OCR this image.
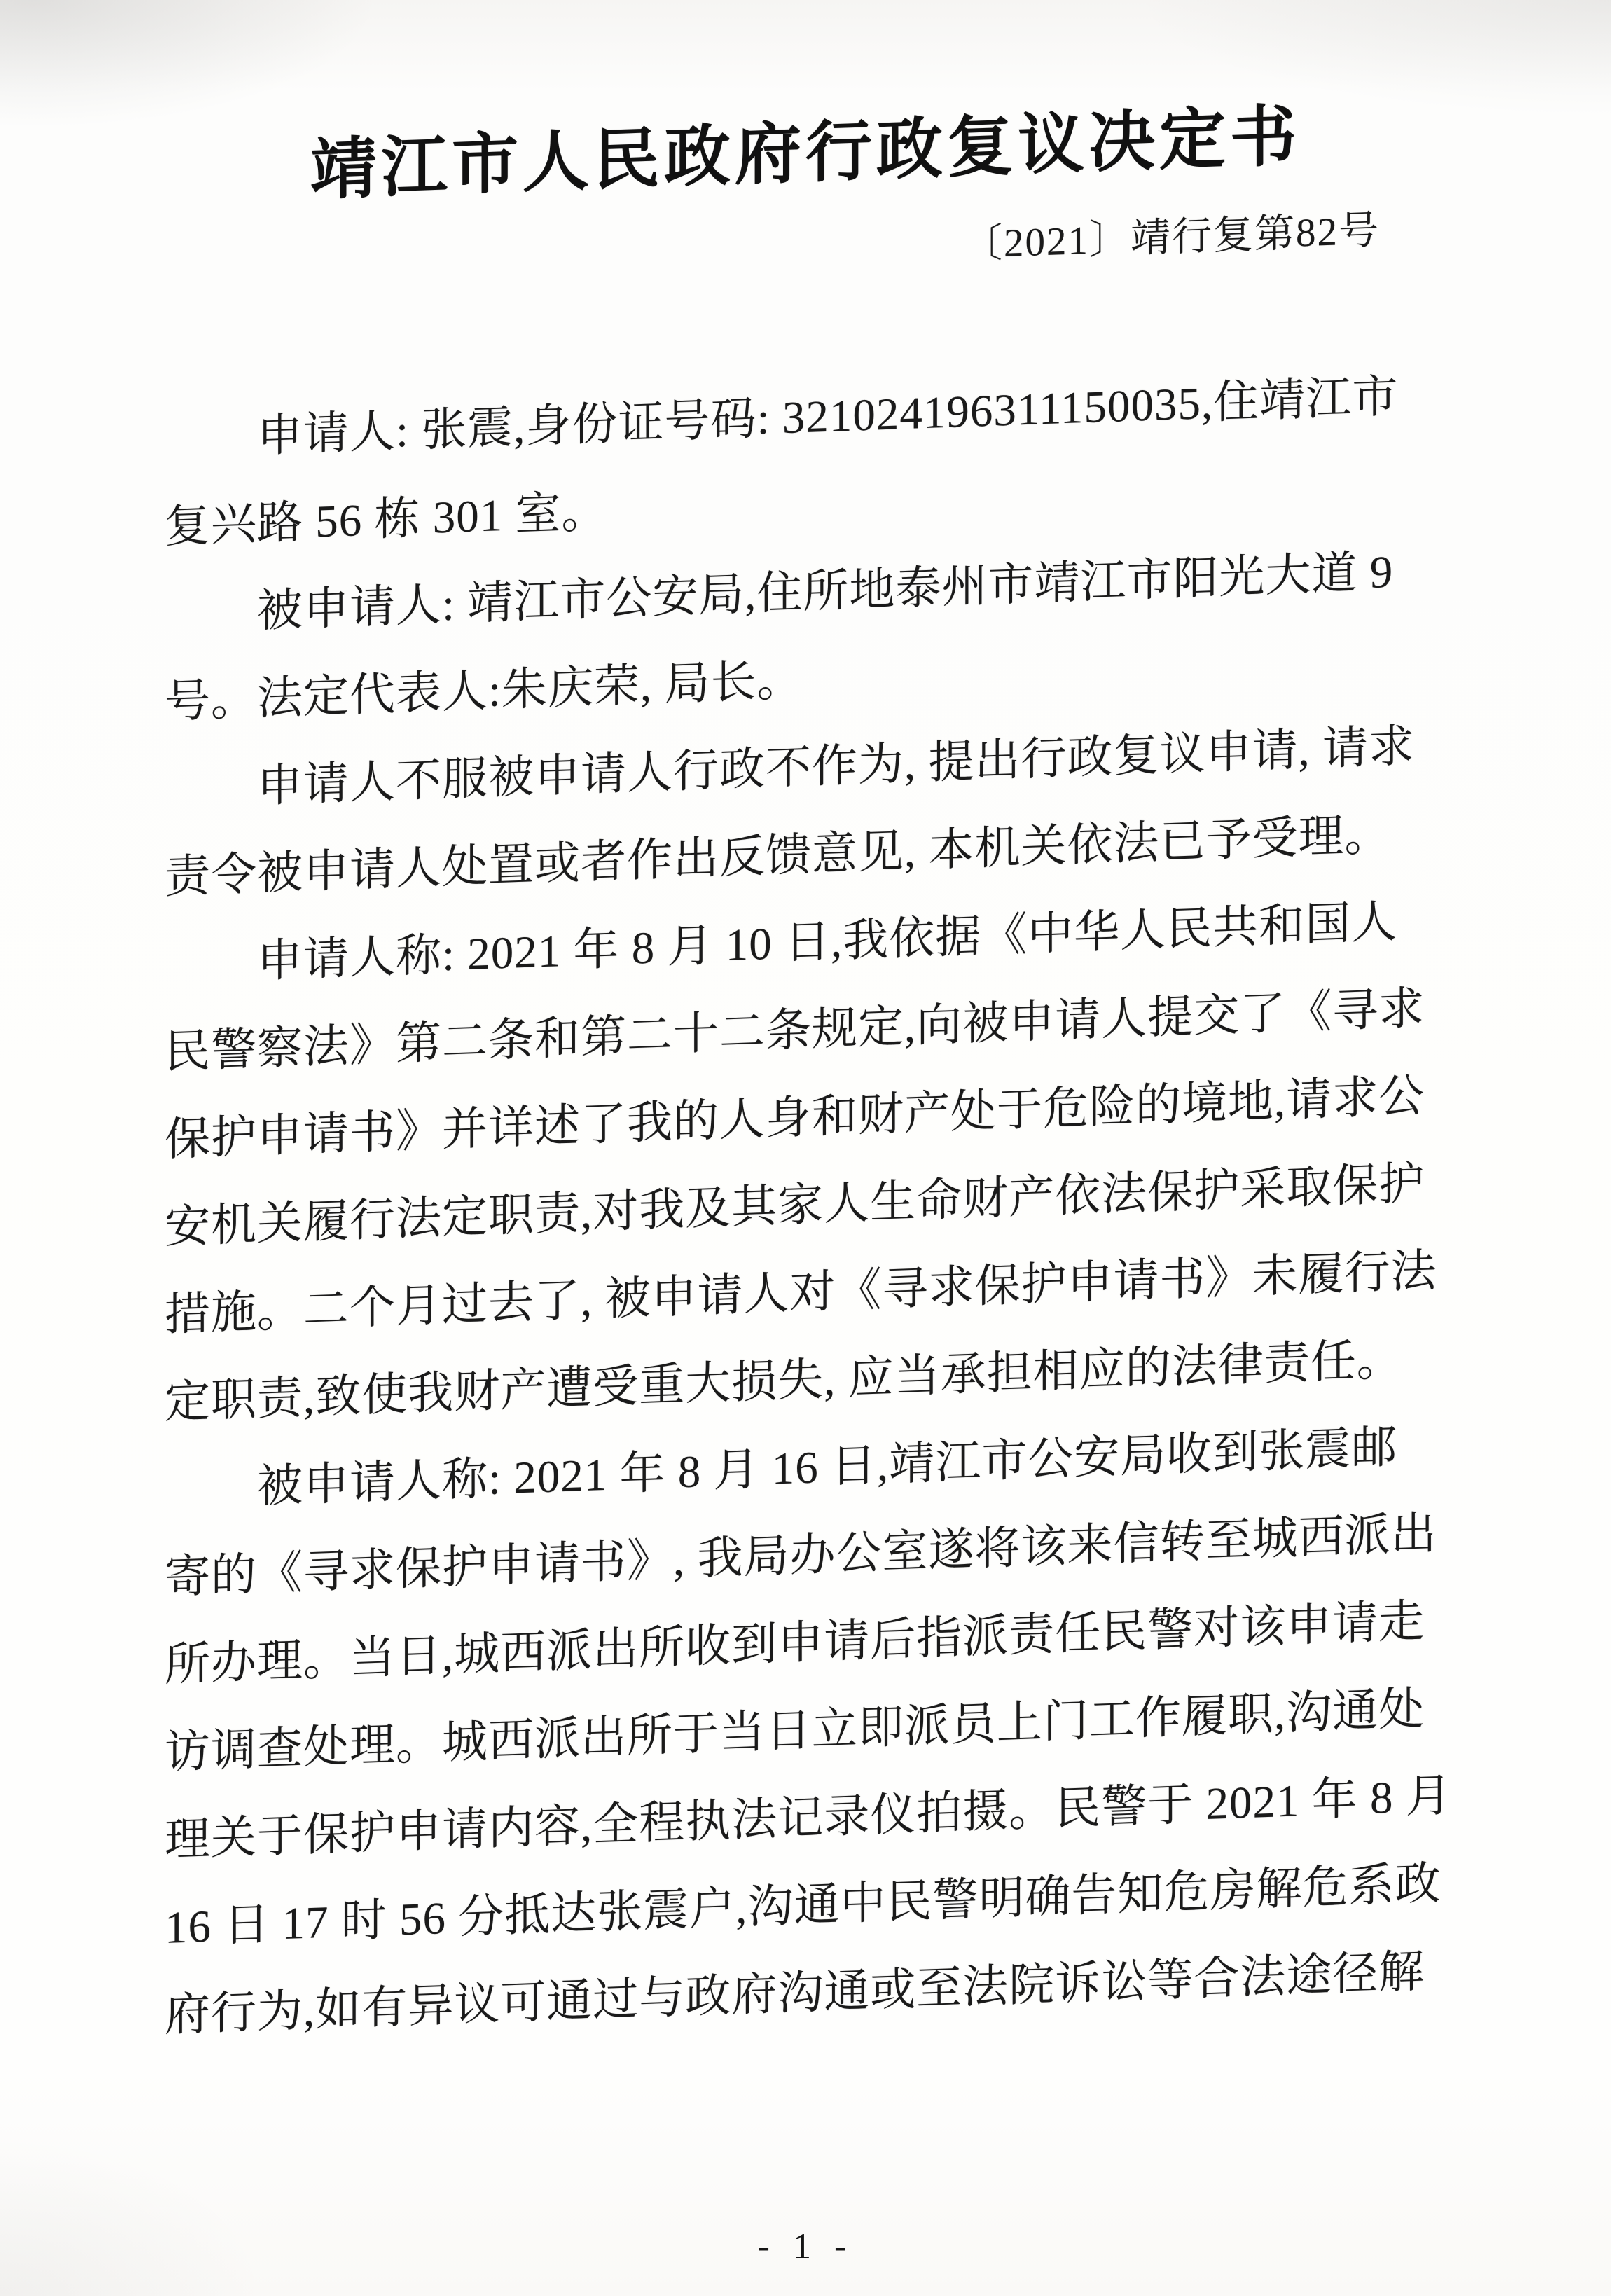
靖江市人民政府行政复议决定书
〔2021〕靖行复第82号

申请人: 张震,身份证号码: 321024196311150035,住靖江市

复兴路 56 栋 301 室。

被申请人: 靖江市公安局,住所地泰州市靖江市阳光大道 9

号。法定代表人:朱庆荣, 局长。

申请人不服被申请人行政不作为, 提出行政复议申请, 请求

责令被申请人处置或者作出反馈意见, 本机关依法已予受理。

申请人称: 2021 年 8 月 10 日,我依据《中华人民共和国人

民警察法》第二条和第二十二条规定,向被申请人提交了《寻求

保护申请书》并详述了我的人身和财产处于危险的境地,请求公

安机关履行法定职责,对我及其家人生命财产依法保护采取保护

措施。二个月过去了, 被申请人对《寻求保护申请书》未履行法

定职责,致使我财产遭受重大损失, 应当承担相应的法律责任。

被申请人称: 2021 年 8 月 16 日,靖江市公安局收到张震邮

寄的《寻求保护申请书》, 我局办公室遂将该来信转至城西派出

所办理。当日,城西派出所收到申请后指派责任民警对该申请走

访调查处理。城西派出所于当日立即派员上门工作履职,沟通处

理关于保护申请内容,全程执法记录仪拍摄。民警于 2021 年 8 月

16 日 17 时 56 分抵达张震户,沟通中民警明确告知危房解危系政

府行为,如有异议可通过与政府沟通或至法院诉讼等合法途径解

- 1 -
